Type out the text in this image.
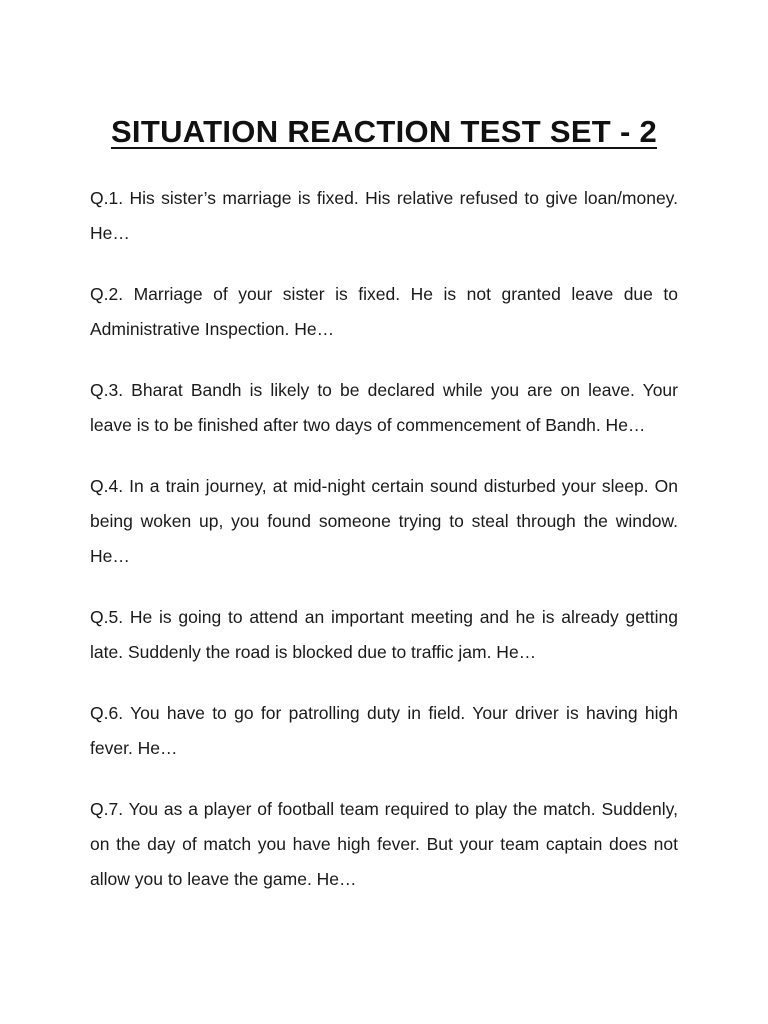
SITUATION REACTION TEST SET - 2

Q.1. His sister’s marriage is fixed. His relative refused to give loan/money. He…

Q.2. Marriage of your sister is fixed. He is not granted leave due to Administrative Inspection. He…

Q.3. Bharat Bandh is likely to be declared while you are on leave. Your leave is to be finished after two days of commencement of Bandh. He…

Q.4. In a train journey, at mid-night certain sound disturbed your sleep. On being woken up, you found someone trying to steal through the window. He…

Q.5. He is going to attend an important meeting and he is already getting late. Suddenly the road is blocked due to traffic jam. He…

Q.6. You have to go for patrolling duty in field. Your driver is having high fever. He…

Q.7. You as a player of football team required to play the match. Suddenly, on the day of match you have high fever. But your team captain does not allow you to leave the game. He…
